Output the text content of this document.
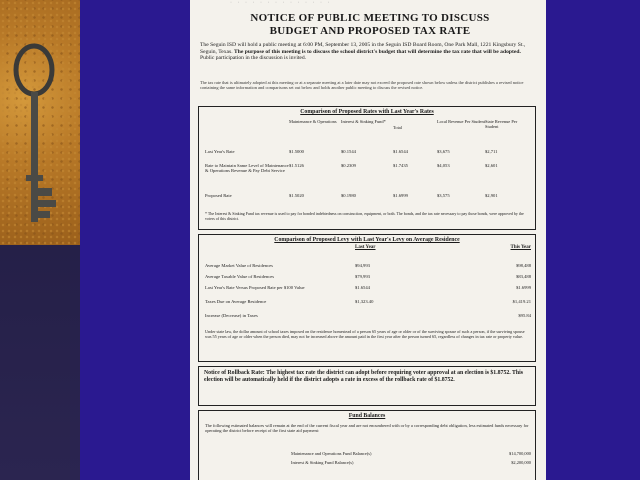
· · · · · · · · · · · · · ·
NOTICE OF PUBLIC MEETING TO DISCUSS
BUDGET AND PROPOSED TAX RATE
The Seguin ISD will hold a public meeting at 6:00 PM, September 13, 2005 in the Seguin ISD Board Room, One Park Mall, 1221 Kingsbury St., Seguin, Texas. The purpose of this meeting is to discuss the school district's budget that will determine the tax rate that will be adopted. Public participation in the discussion is invited.
The tax rate that is ultimately adopted at this meeting or at a separate meeting at a later date may not exceed the proposed rate shown below unless the district publishes a revised notice containing the same information and comparisons set out below and holds another public meeting to discuss the revised notice.
Comparison of Proposed Rates with Last Year's Rates
	Maintenance & Operations	Interest & Sinking Fund*	Total	Local Revenue Per Student	State Revenue Per Student
Last Year's Rate	$1.5000	$0.1544	$1.6544	$3,675	$2,711
Rate to Maintain Same Level of Maintenance & Operations Revenue & Pay Debt Service	$1.5126	$0.2309	$1.7435	$4,053	$2,601
Proposed Rate	$1.5020	$0.1980	$1.6999	$3,575	$2,901
* The Interest & Sinking Fund tax revenue is used to pay for bonded indebtedness on construction, equipment, or both. The bonds, and the tax rate necessary to pay those bonds, were approved by the voters of this district.
Comparison of Proposed Levy with Last Year's Levy on Average Residence
	Last Year	This Year
Average Market Value of Residences	$94,993	$98,488
Average Taxable Value of Residences	$79,993	$83,488
Last Year's Rate Versus Proposed Rate per $100 Value	$1.6544	$1.6999
Taxes Due on Average Residence	$1,323.40	$1,419.21
Increase (Decrease) in Taxes		$95.84
Under state law, the dollar amount of school taxes imposed on the residence homestead of a person 65 years of age or older or of the surviving spouse of such a person, if the surviving spouse was 55 years of age or older when the person died, may not be increased above the amount paid in the first year after the person turned 65, regardless of changes in tax rate or property value.
Notice of Rollback Rate: The highest tax rate the district can adopt before requiring voter approval at an election is $1.8752. This election will be automatically held if the district adopts a rate in excess of the rollback rate of $1.8752.
Fund Balances
The following estimated balances will remain at the end of the current fiscal year and are not encumbered with or by a corresponding debt obligation, less estimated funds necessary for operating the district before receipt of the first state aid payment:
Maintenance and Operations Fund Balance(s)	$14,700,000
Interest & Sinking Fund Balance(s)	$2,200,000
